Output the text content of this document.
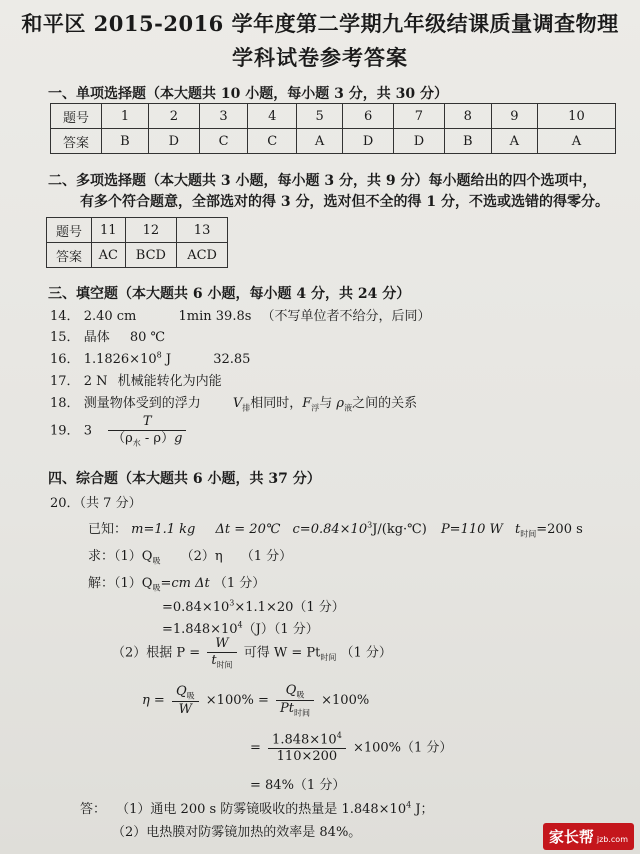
和平区 2015-2016 学年度第二学期九年级结课质量调查物理
学科试卷参考答案
一、单项选择题（本大题共 10 小题，每小题 3 分，共 30 分）
题号	1	2	3	4	5	6	7	8	9	10
答案	B	D	C	C	A	D	D	B	A	A
二、多项选择题（本大题共 3 小题，每小题 3 分，共 9 分）每小题给出的四个选项中，
有多个符合题意，全部选对的得 3 分，选对但不全的得 1 分，不选或选错的得零分。
题号	11	12	13
答案	AC	BCD	ACD
三、填空题（本大题共 6 小题，每小题 4 分，共 24 分）
14． 2.40 cm	1min 39.8s （不写单位者不给分，后同）
15． 晶体 80 ℃
16． $1.1826\times 10^8$ J	32.85
17． 2 N 机械能转化为内能
18． 测量物体受到的浮力 $V_排$相同时，$F_浮$与 $\rho_液$之间的关系
19． $3 \frac{T}{(\rho_水 - \rho)g}$
四、综合题（本大题共 6 小题，共 37 分）
20．（共 7 分）
已知： m=1.1 kg Δt = 20℃ $c=0.84\times 10^3J/(kg\cdot℃)$ P=110 W $t_{时间}=200$ s
求：$(1)Q_吸$ （2）η （1 分）
解：$(1)Q_吸=cm$ Δt （1 分）
$=0.84\times 10^3\times 1.1\times 20(1$ 分）
$=1.848\times 10^4(J)(1$ 分）
（2）根据 $P = \frac{W}{t_{时间}}$ 可得 $W = Pt_{时间}$ （1 分）
$\eta = \frac{Q_吸}{W} \times 100\% = \frac{Q_吸}{Pt_{时间}} \times 100\%$
= $\frac{1.848\times 10^4}{110\times 200} \times 100\%(1$ 分）
= 84%（1 分）
答： （1）通电 200 s 防雾镜吸收的热量是 $1.848\times 10^4$ J；
（2）电热膜对防雾镜加热的效率是 84%。	家长帮 jzb.com
